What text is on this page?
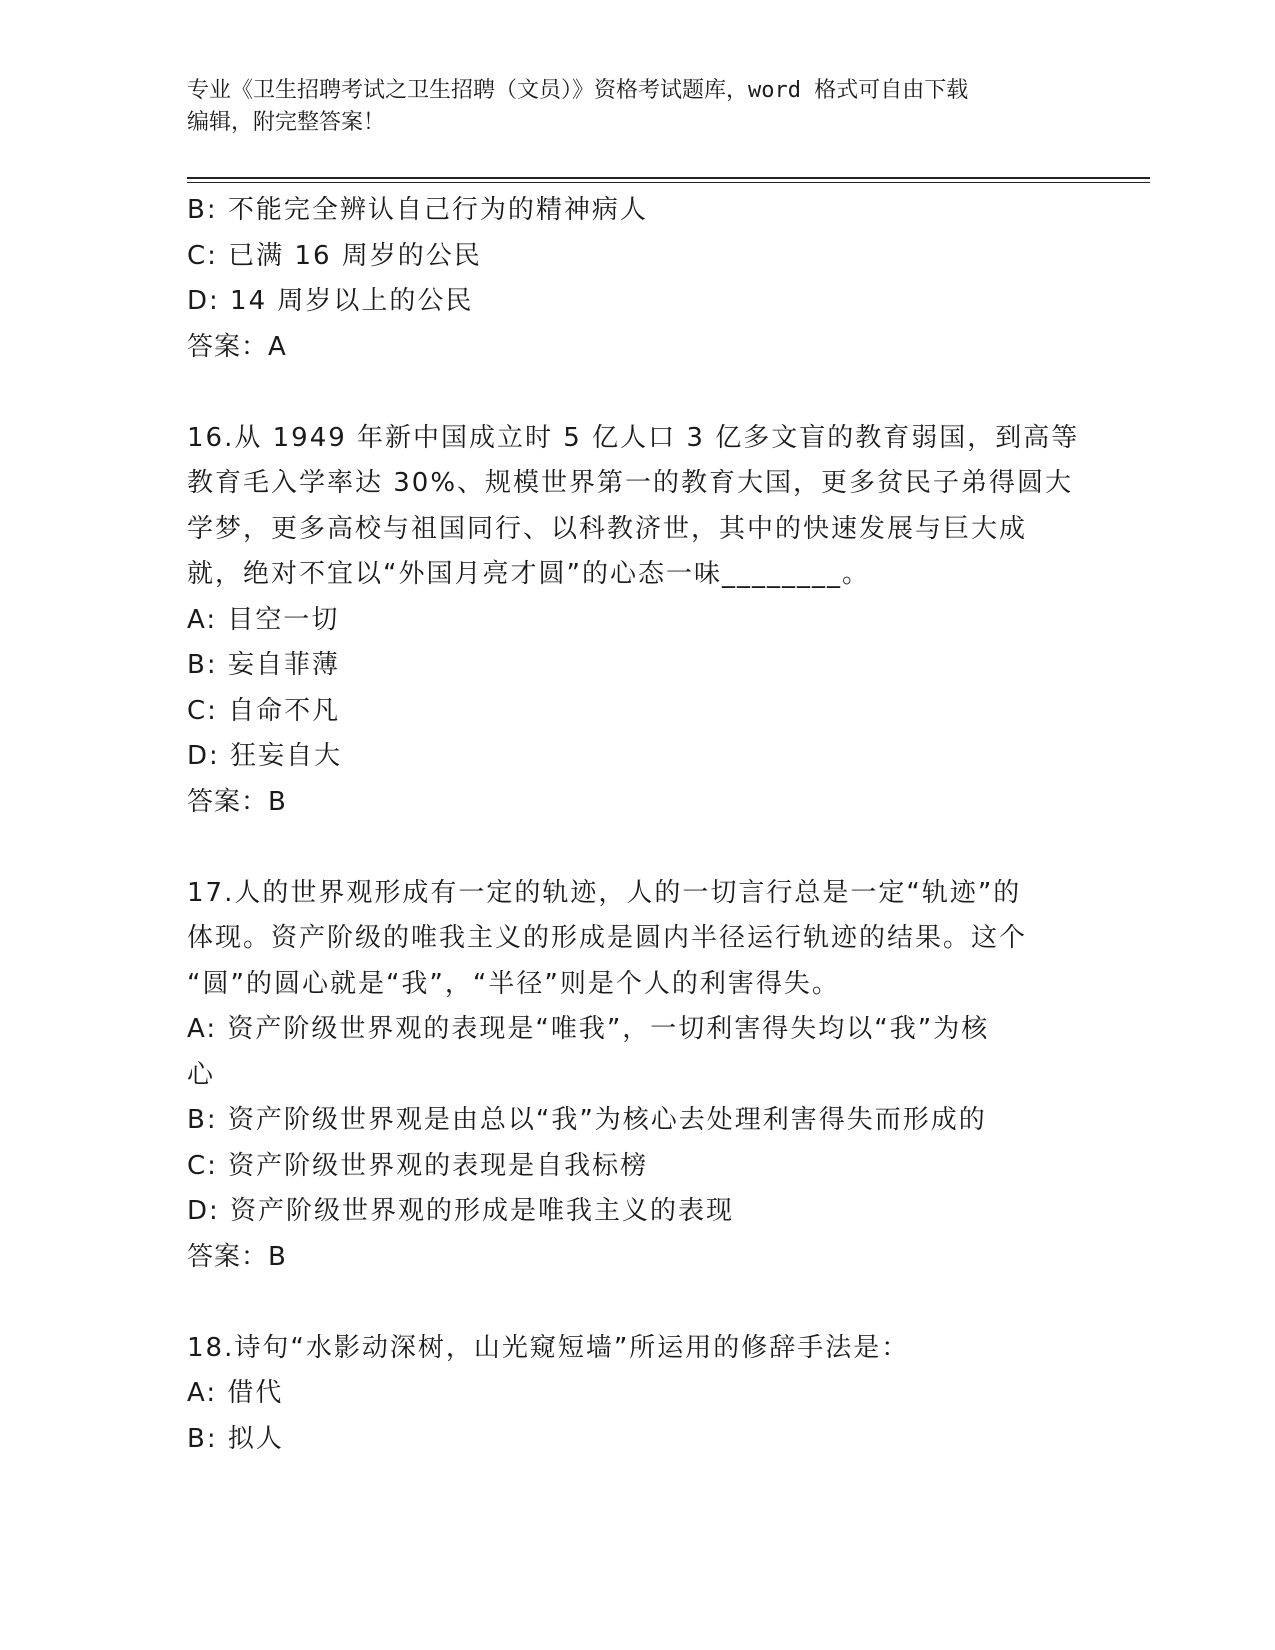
专业《卫生招聘考试之卫生招聘（文员）》资格考试题库，word 格式可自由下载
编辑，附完整答案！
B: 不能完全辨认自己行为的精神病人
C: 已满 16 周岁的公民
D: 14 周岁以上的公民
答案：A
16.从 1949 年新中国成立时 5 亿人口 3 亿多文盲的教育弱国，到高等
教育毛入学率达 30%、规模世界第一的教育大国，更多贫民子弟得圆大
学梦，更多高校与祖国同行、以科教济世，其中的快速发展与巨大成
就，绝对不宜以“外国月亮才圆”的心态一味________。
A: 目空一切
B: 妄自菲薄
C: 自命不凡
D: 狂妄自大
答案：B
17.人的世界观形成有一定的轨迹，人的一切言行总是一定“轨迹”的
体现。资产阶级的唯我主义的形成是圆内半径运行轨迹的结果。这个
“圆”的圆心就是“我”，“半径”则是个人的利害得失。
A: 资产阶级世界观的表现是“唯我”，一切利害得失均以“我”为核
心
B: 资产阶级世界观是由总以“我”为核心去处理利害得失而形成的
C: 资产阶级世界观的表现是自我标榜
D: 资产阶级世界观的形成是唯我主义的表现
答案：B
18.诗句“水影动深树，山光窥短墙”所运用的修辞手法是：
A: 借代
B: 拟人
